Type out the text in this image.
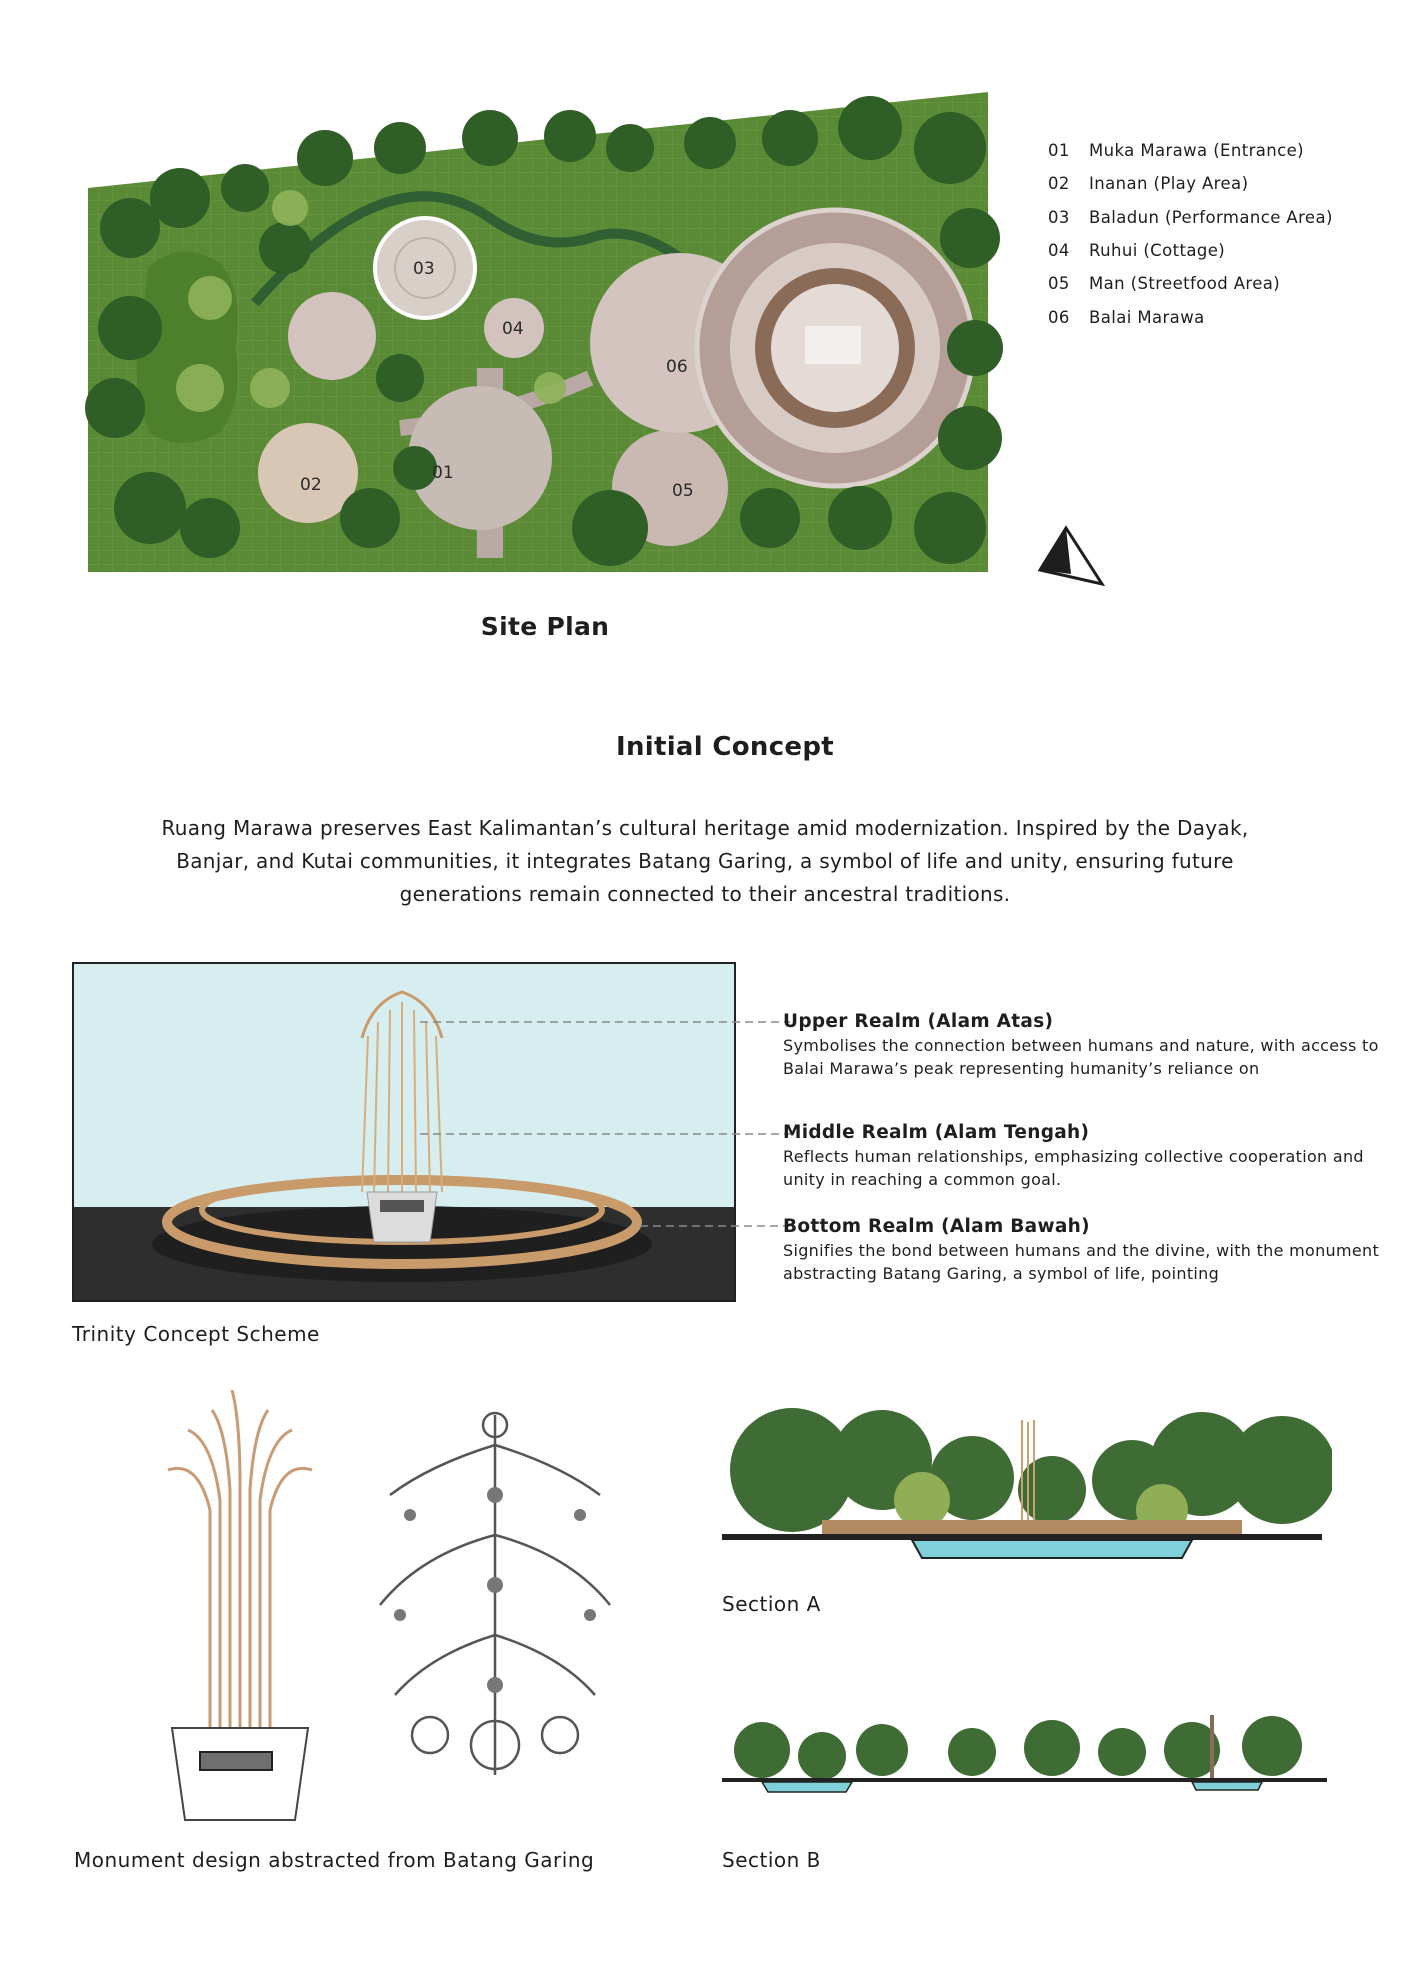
03
04
06
02
01
05
01	Muka Marawa (Entrance)
02	Inanan (Play Area)
03	Baladun (Performance Area)
04	Ruhui (Cottage)
05	Man (Streetfood Area)
06	Balai Marawa
Site Plan
Initial Concept
Ruang Marawa preserves East Kalimantan’s cultural heritage amid modernization. Inspired by the Dayak, Banjar, and Kutai communities, it integrates Batang Garing, a symbol of life and unity, ensuring future generations remain connected to their ancestral traditions.
Upper Realm (Alam Atas)
Symbolises the connection between humans and nature, with access to Balai Marawa’s peak representing humanity’s reliance on
Middle Realm (Alam Tengah)
Reflects human relationships, emphasizing collective cooperation and unity in reaching a common goal.
Bottom Realm (Alam Bawah)
Signifies the bond between humans and the divine, with the monument abstracting Batang Garing, a symbol of life, pointing
Trinity Concept Scheme
Monument design abstracted from Batang Garing
Section A
Section B
